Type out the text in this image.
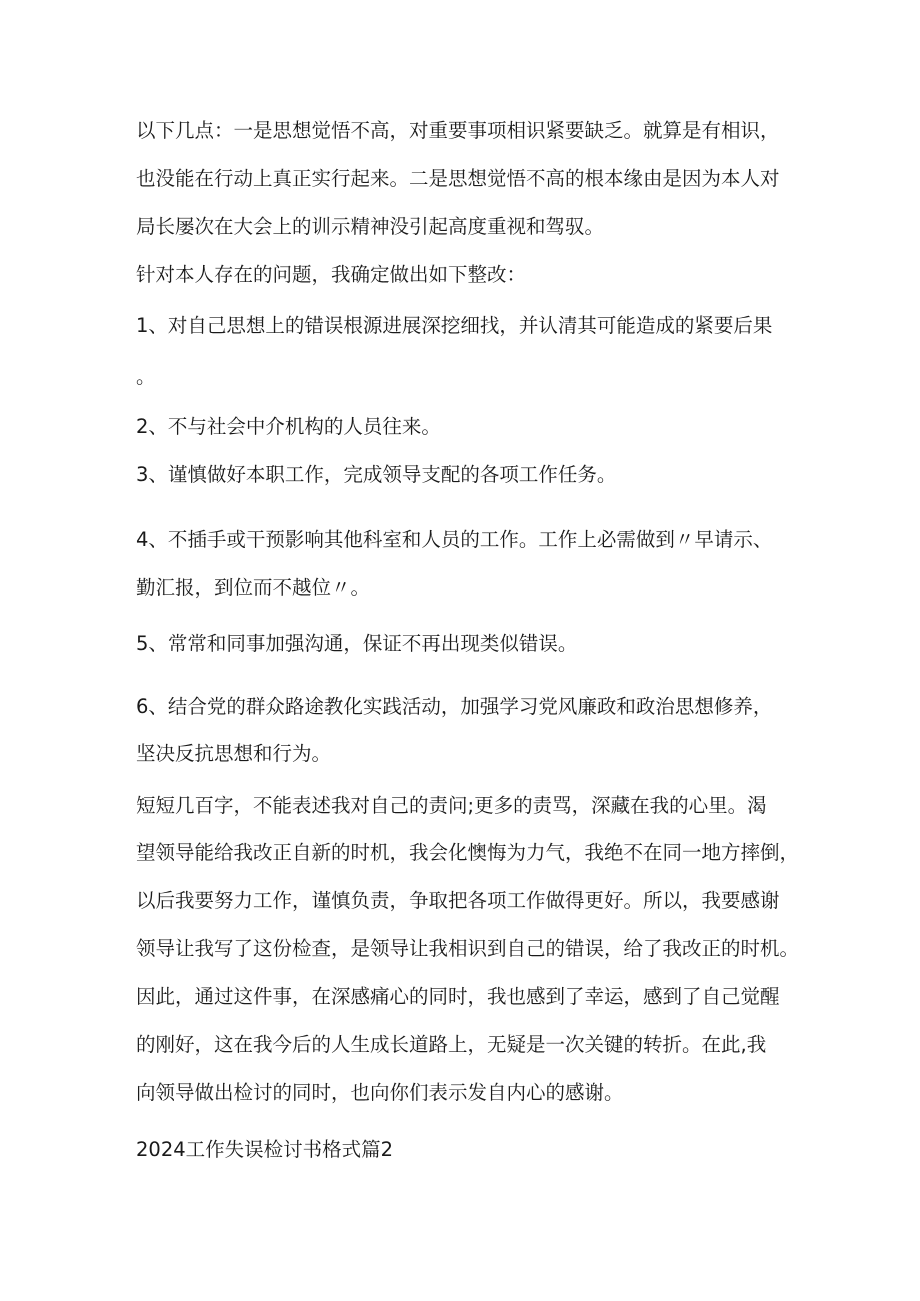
以下几点：一是思想觉悟不高，对重要事项相识紧要缺乏。就算是有相识，
也没能在行动上真正实行起来。二是思想觉悟不高的根本缘由是因为本人对
局长屡次在大会上的训示精神没引起高度重视和驾驭。
针对本人存在的问题，我确定做出如下整改：
1、对自己思想上的错误根源进展深挖细找，并认清其可能造成的紧要后果
。
2、不与社会中介机构的人员往来。
3、谨慎做好本职工作，完成领导支配的各项工作任务。
4、不插手或干预影响其他科室和人员的工作。工作上必需做到〃早请示、
勤汇报，到位而不越位〃。
5、常常和同事加强沟通，保证不再出现类似错误。
6、结合党的群众路途教化实践活动，加强学习党风廉政和政治思想修养，
坚决反抗思想和行为。
短短几百字，不能表述我对自己的责问;更多的责骂，深藏在我的心里。渴
望领导能给我改正自新的时机，我会化懊悔为力气，我绝不在同一地方摔倒，
以后我要努力工作，谨慎负责，争取把各项工作做得更好。所以，我要感谢
领导让我写了这份检查，是领导让我相识到自己的错误，给了我改正的时机。
因此，通过这件事，在深感痛心的同时，我也感到了幸运，感到了自己觉醒
的刚好，这在我今后的人生成长道路上，无疑是一次关键的转折。在此,我
向领导做出检讨的同时，也向你们表示发自内心的感谢。
2024工作失误检讨书格式篇2
